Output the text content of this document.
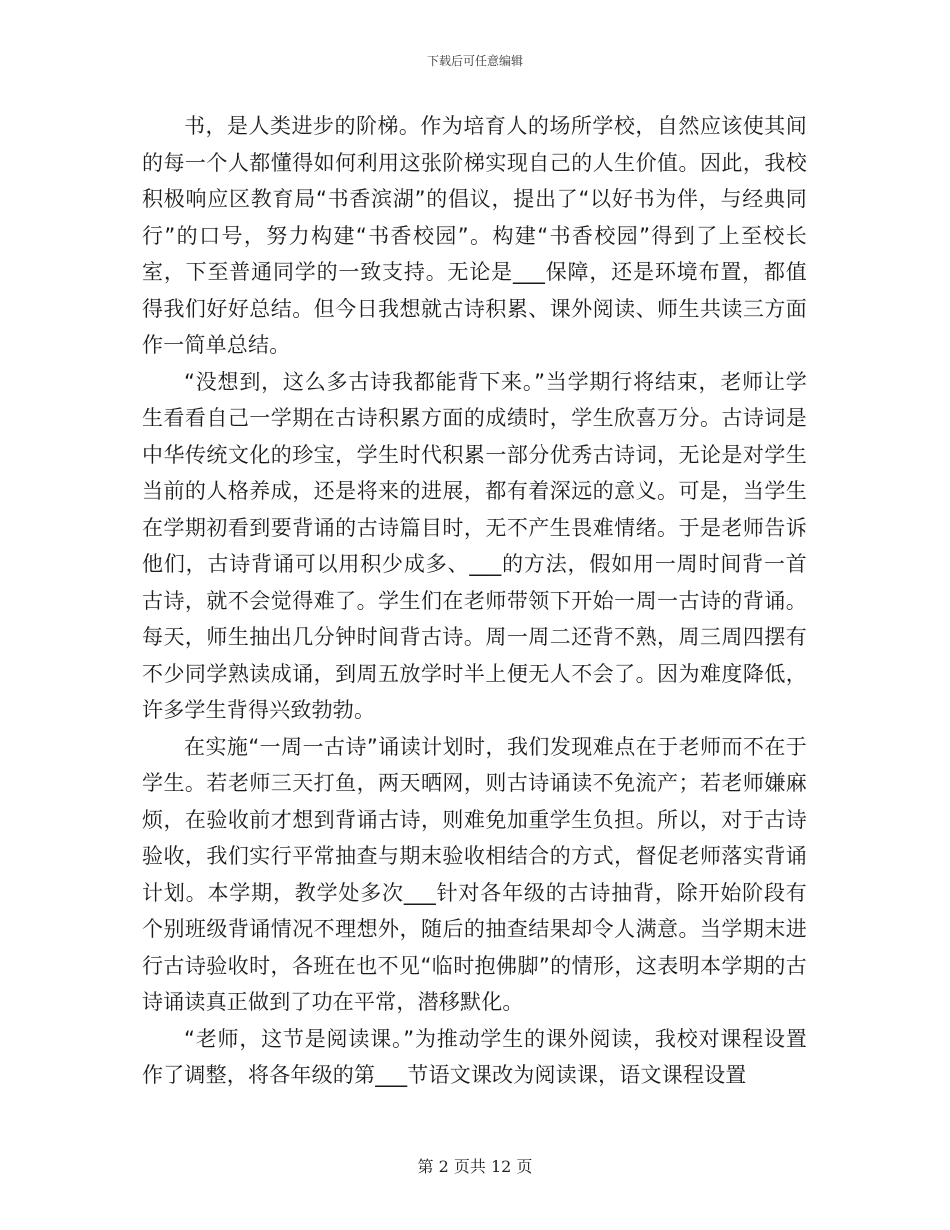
下载后可任意编辑

书，是人类进步的阶梯。作为培育人的场所学校，自然应该使其间的每一个人都懂得如何利用这张阶梯实现自己的人生价值。因此，我校积极响应区教育局“书香滨湖”的倡议，提出了“以好书为伴，与经典同行”的口号，努力构建“书香校园”。构建“书香校园”得到了上至校长室，下至普通同学的一致支持。无论是___保障，还是环境布置，都值得我们好好总结。但今日我想就古诗积累、课外阅读、师生共读三方面作一简单总结。

“没想到，这么多古诗我都能背下来。”当学期行将结束，老师让学生看看自己一学期在古诗积累方面的成绩时，学生欣喜万分。古诗词是中华传统文化的珍宝，学生时代积累一部分优秀古诗词，无论是对学生当前的人格养成，还是将来的进展，都有着深远的意义。可是，当学生在学期初看到要背诵的古诗篇目时，无不产生畏难情绪。于是老师告诉他们，古诗背诵可以用积少成多、___的方法，假如用一周时间背一首古诗，就不会觉得难了。学生们在老师带领下开始一周一古诗的背诵。每天，师生抽出几分钟时间背古诗。周一周二还背不熟，周三周四摆有不少同学熟读成诵，到周五放学时半上便无人不会了。因为难度降低，许多学生背得兴致勃勃。

在实施“一周一古诗”诵读计划时，我们发现难点在于老师而不在于学生。若老师三天打鱼，两天晒网，则古诗诵读不免流产；若老师嫌麻烦，在验收前才想到背诵古诗，则难免加重学生负担。所以，对于古诗验收，我们实行平常抽查与期末验收相结合的方式，督促老师落实背诵计划。本学期，教学处多次___针对各年级的古诗抽背，除开始阶段有个别班级背诵情况不理想外，随后的抽查结果却令人满意。当学期末进行古诗验收时，各班在也不见“临时抱佛脚”的情形，这表明本学期的古诗诵读真正做到了功在平常，潜移默化。

“老师，这节是阅读课。”为推动学生的课外阅读，我校对课程设置作了调整，将各年级的第___节语文课改为阅读课，语文课程设置

第 2 页共 12 页
